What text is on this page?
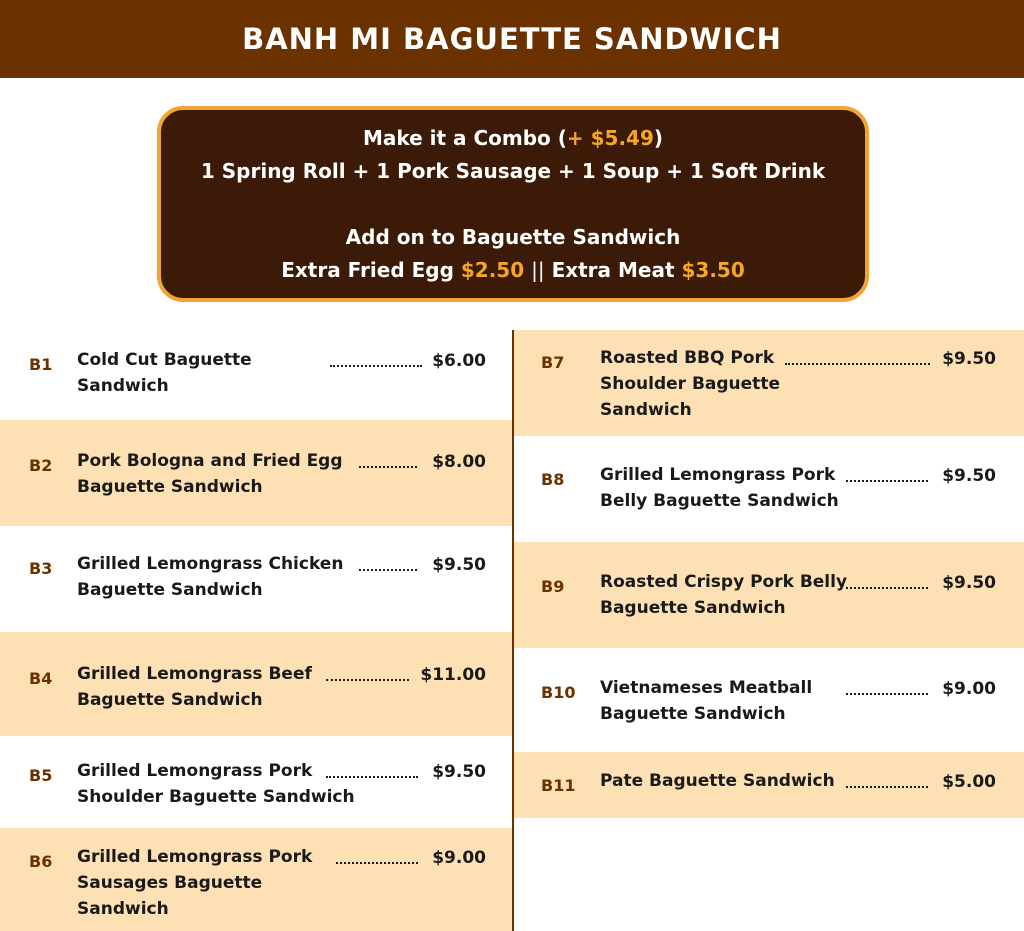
BANH MI BAGUETTE SANDWICH
Make it a Combo (+ $5.49)
1 Spring Roll + 1 Pork Sausage + 1 Soup + 1 Soft Drink
Add on to Baguette Sandwich
Extra Fried Egg $2.50 || Extra Meat $3.50
B1 Cold Cut Baguette
Sandwich
$6.00
B2 Pork Bologna and Fried Egg
Baguette Sandwich
$8.00
B3 Grilled Lemongrass Chicken
Baguette Sandwich
$9.50
B4 Grilled Lemongrass Beef
Baguette Sandwich
$11.00
B5 Grilled Lemongrass Pork
Shoulder Baguette Sandwich
$9.50
B6 Grilled Lemongrass Pork
Sausages Baguette
Sandwich
$9.00
B7 Roasted BBQ Pork
Shoulder Baguette
Sandwich
$9.50
B8 Grilled Lemongrass Pork
Belly Baguette Sandwich
$9.50
B9 Roasted Crispy Pork Belly
Baguette Sandwich
$9.50
B10 Vietnameses Meatball
Baguette Sandwich
$9.00
B11 Pate Baguette Sandwich	$5.00
